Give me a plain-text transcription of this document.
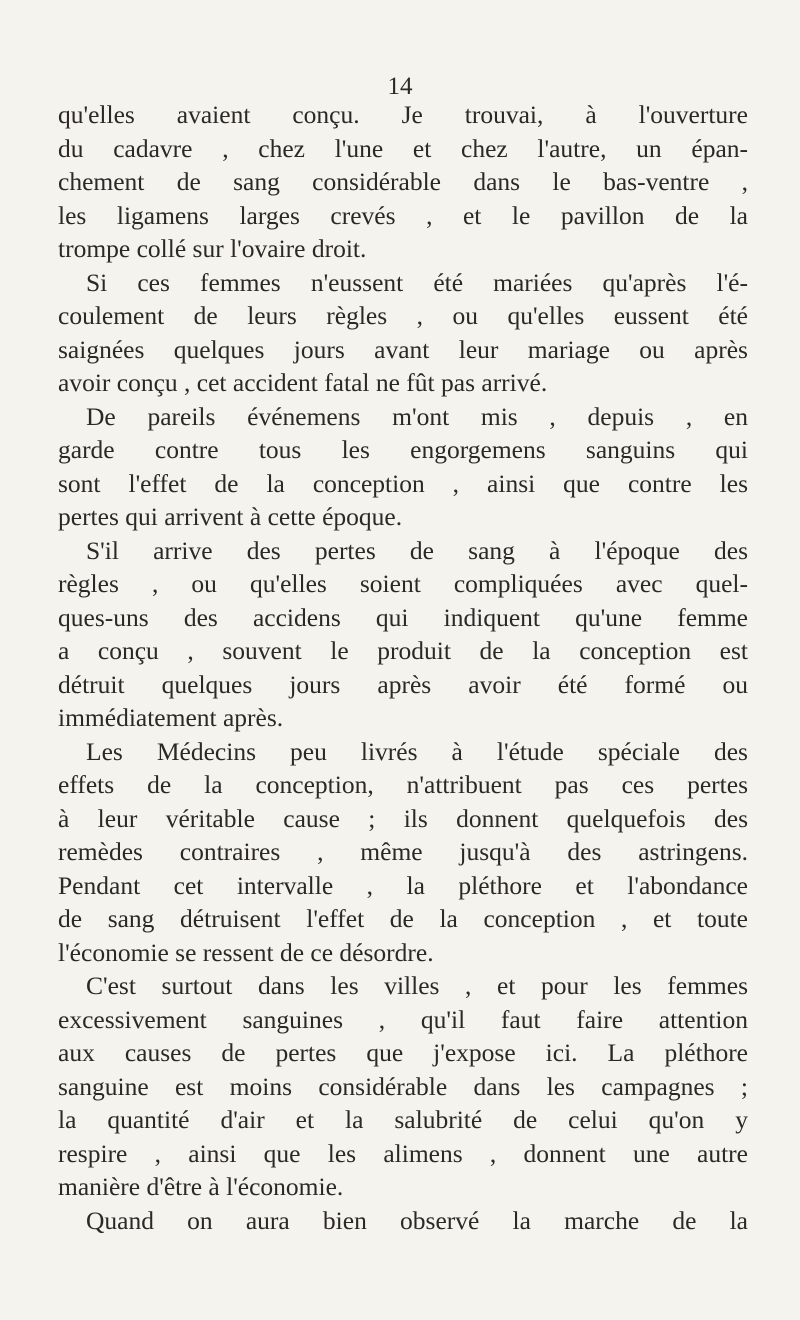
14
qu'elles avaient conçu. Je trouvai, à l'ouverture
du cadavre , chez l'une et chez l'autre, un épan-
chement de sang considérable dans le bas-ventre ,
les ligamens larges crevés , et le pavillon de la
trompe collé sur l'ovaire droit.
Si ces femmes n'eussent été mariées qu'après l'é-
coulement de leurs règles , ou qu'elles eussent été
saignées quelques jours avant leur mariage ou après
avoir conçu , cet accident fatal ne fût pas arrivé.
De pareils événemens m'ont mis , depuis , en
garde contre tous les engorgemens sanguins qui
sont l'effet de la conception , ainsi que contre les
pertes qui arrivent à cette époque.
S'il arrive des pertes de sang à l'époque des
règles , ou qu'elles soient compliquées avec quel-
ques-uns des accidens qui indiquent qu'une femme
a conçu , souvent le produit de la conception est
détruit quelques jours après avoir été formé ou
immédiatement après.
Les Médecins peu livrés à l'étude spéciale des
effets de la conception, n'attribuent pas ces pertes
à leur véritable cause ; ils donnent quelquefois des
remèdes contraires , même jusqu'à des astringens.
Pendant cet intervalle , la pléthore et l'abondance
de sang détruisent l'effet de la conception , et toute
l'économie se ressent de ce désordre.
C'est surtout dans les villes , et pour les femmes
excessivement sanguines , qu'il faut faire attention
aux causes de pertes que j'expose ici. La pléthore
sanguine est moins considérable dans les campagnes ;
la quantité d'air et la salubrité de celui qu'on y
respire , ainsi que les alimens , donnent une autre
manière d'être à l'économie.
Quand on aura bien observé la marche de la
